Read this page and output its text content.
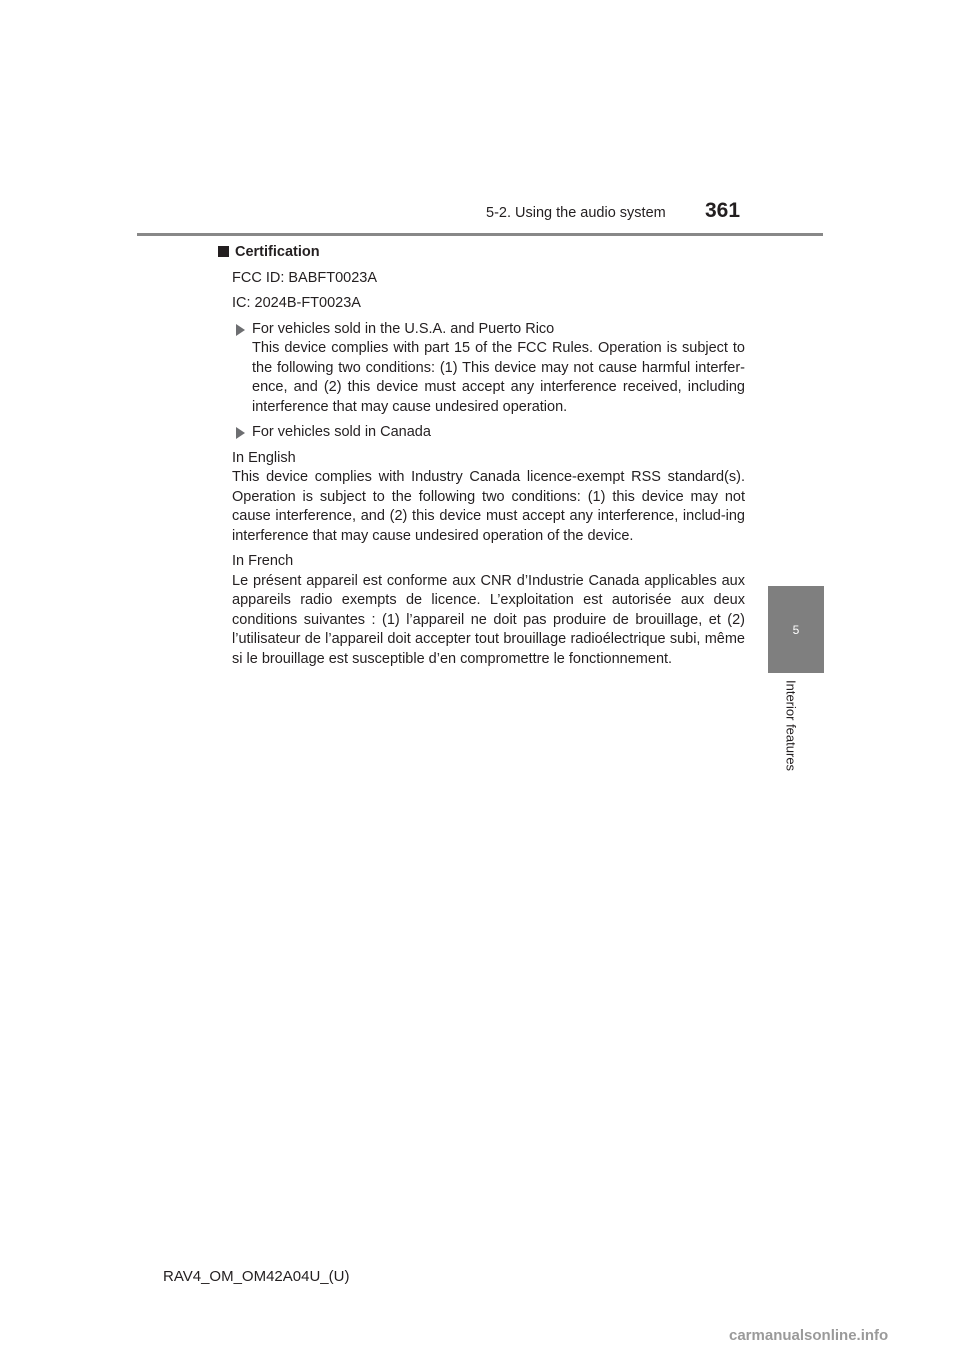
5-2. Using the audio system 361
5
Interior features
Certification
FCC ID: BABFT0023A
IC: 2024B-FT0023A
For vehicles sold in the U.S.A. and Puerto Rico
This device complies with part 15 of the FCC Rules. Operation is subject to the following two conditions: (1) This device may not cause harmful interfer-ence, and (2) this device must accept any interference received, including interference that may cause undesired operation.
For vehicles sold in Canada
In English
This device complies with Industry Canada licence-exempt RSS standard(s). Operation is subject to the following two conditions: (1) this device may not cause interference, and (2) this device must accept any interference, includ-ing interference that may cause undesired operation of the device.
In French
Le présent appareil est conforme aux CNR d’Industrie Canada applicables aux appareils radio exempts de licence. L’exploitation est autorisée aux deux conditions suivantes : (1) l’appareil ne doit pas produire de brouillage, et (2) l’utilisateur de l’appareil doit accepter tout brouillage radioélectrique subi, même si le brouillage est susceptible d’en compromettre le fonctionnement.
RAV4_OM_OM42A04U_(U)
carmanualsonline.info
